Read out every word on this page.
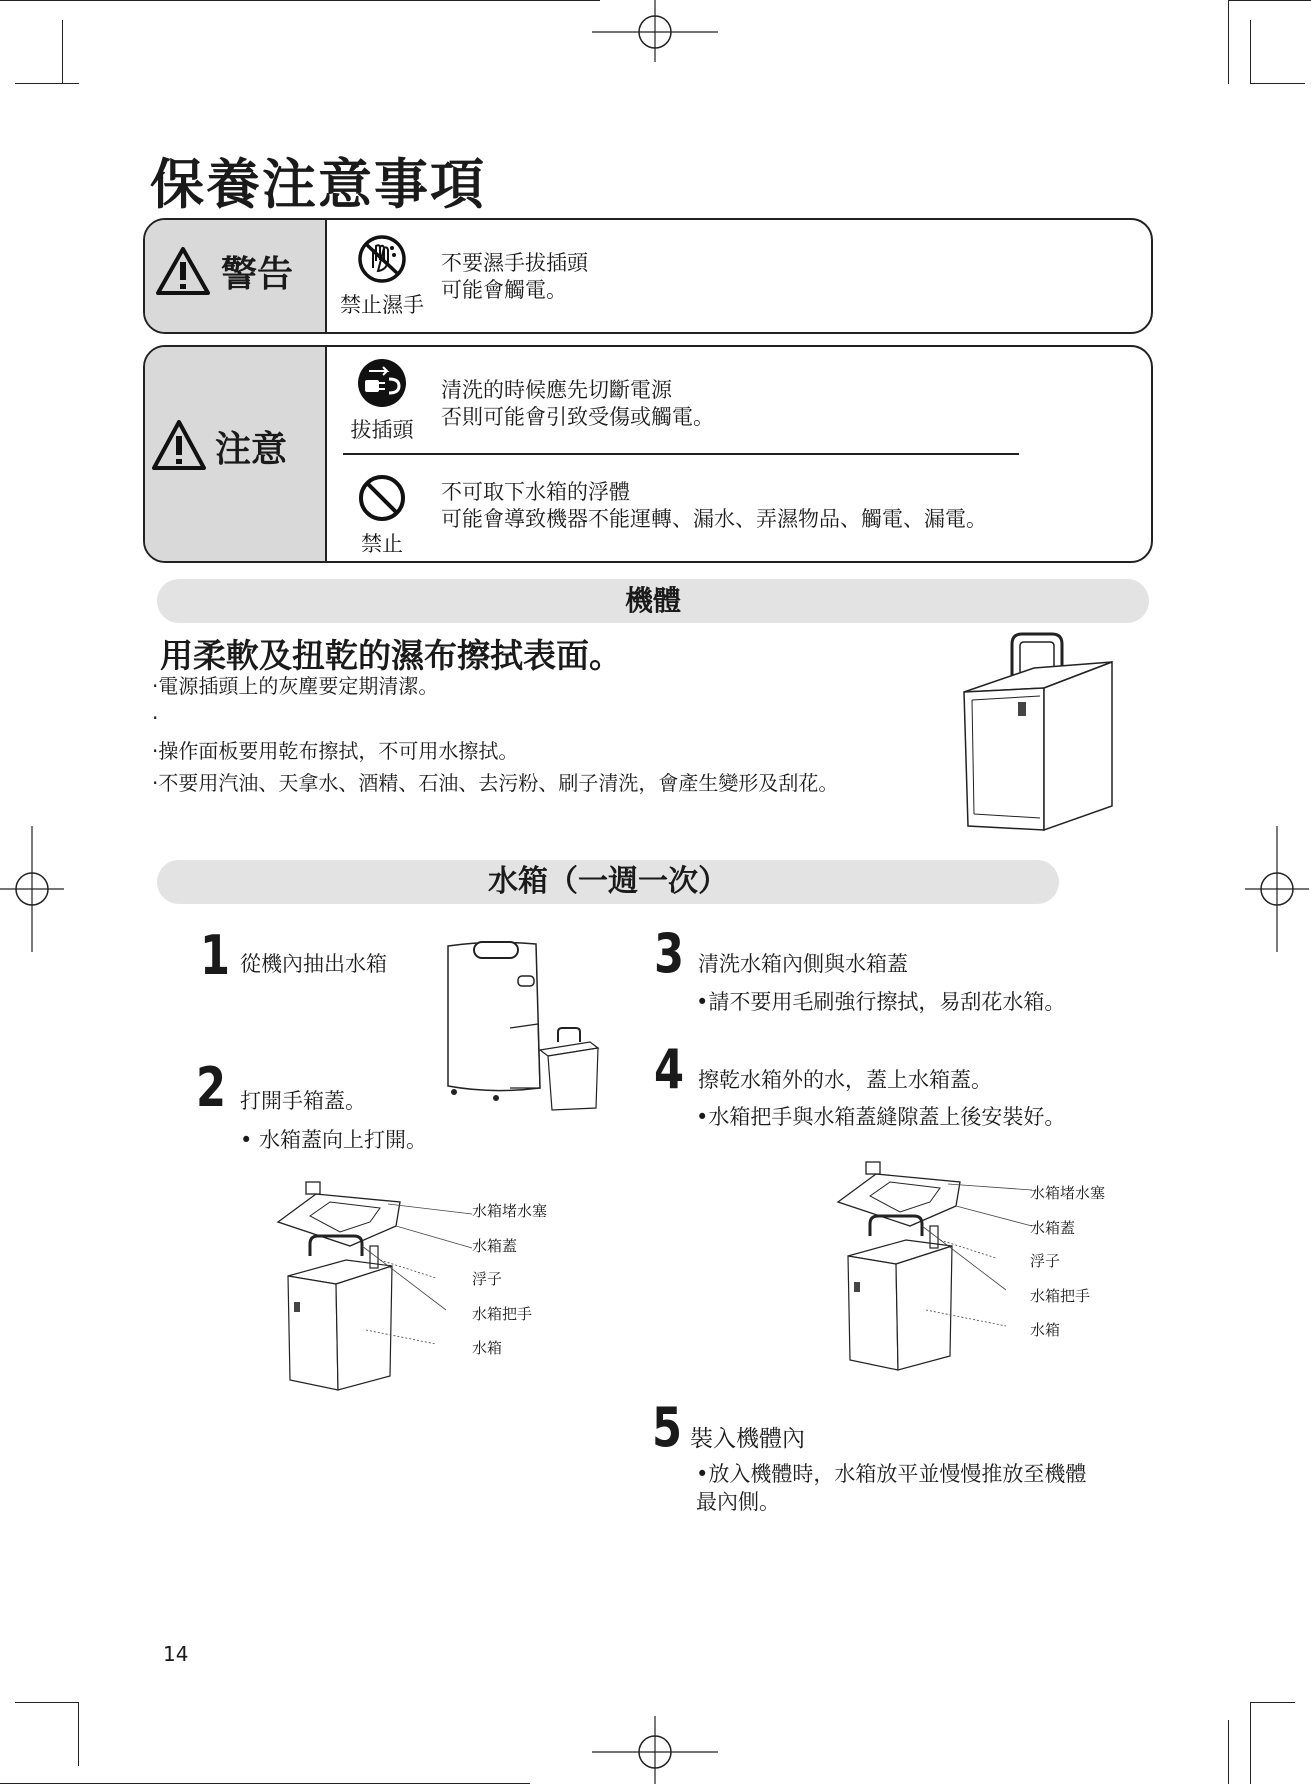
保養注意事項
警告
禁止濕手
不要濕手拔插頭
可能會觸電。
注意	拔插頭
清洗的時候應先切斷電源
否則可能會引致受傷或觸電。
禁止
不可取下水箱的浮體
可能會導致機器不能運轉、漏水、弄濕物品、觸電、漏電。
機體
用柔軟及扭乾的濕布擦拭表面。
·電源插頭上的灰塵要定期清潔。
·
·操作面板要用乾布擦拭，不可用水擦拭。
·不要用汽油、天拿水、酒精、石油、去污粉、刷子清洗，會產生變形及刮花。
水箱（一週一次）
1 從機內抽出水箱
2 打開手箱蓋。
• 水箱蓋向上打開。
3 清洗水箱內側與水箱蓋
•請不要用毛刷強行擦拭，易刮花水箱。
4 擦乾水箱外的水，蓋上水箱蓋。
•水箱把手與水箱蓋縫隙蓋上後安裝好。
水箱堵水塞
水箱蓋
浮子
水箱把手
水箱
水箱堵水塞
水箱蓋
浮子
水箱把手
水箱
5 裝入機體內
•放入機體時，水箱放平並慢慢推放至機體
最內側。
14
